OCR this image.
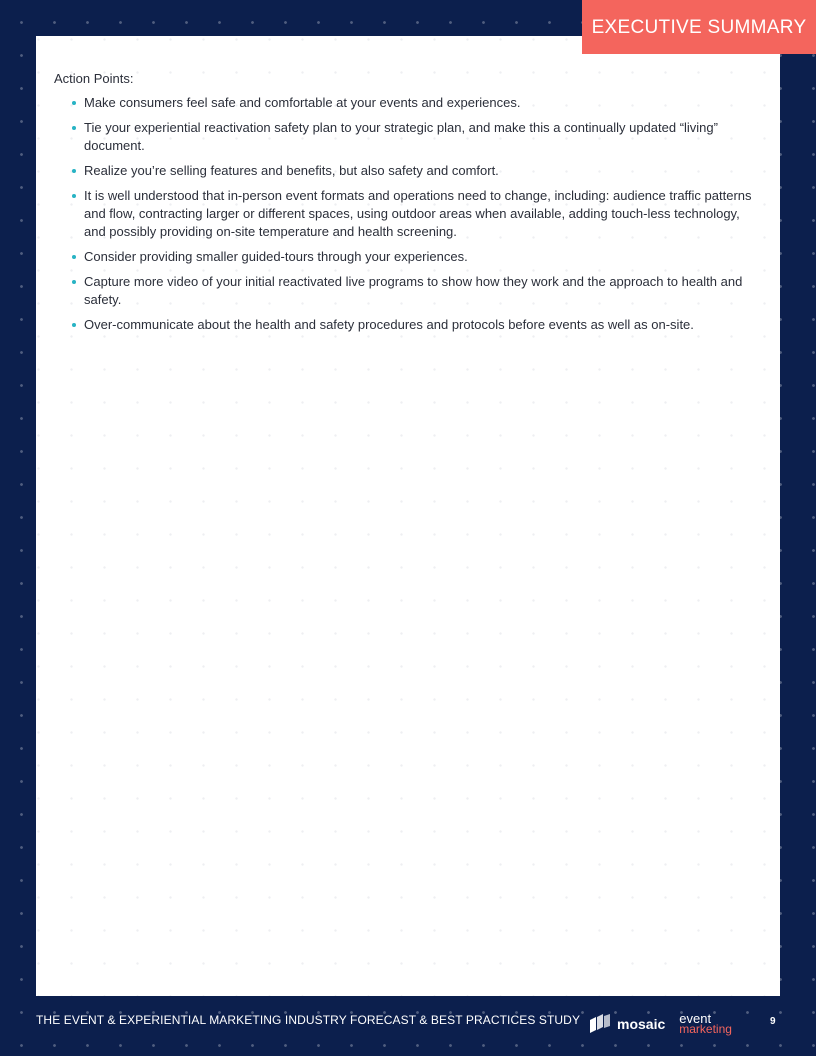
Action Points:

Make consumers feel safe and comfortable at your events and experiences.
Tie your experiential reactivation safety plan to your strategic plan, and make this a continually updated “living” document.
Realize you’re selling features and benefits, but also safety and comfort.
It is well understood that in-person event formats and operations need to change, including: audience traffic patterns and flow, contracting larger or different spaces, using outdoor areas when available, adding touch-less technology, and possibly providing on-site temperature and health screening.
Consider providing smaller guided-tours through your experiences.
Capture more video of your initial reactivated live programs to show how they work and the approach to health and safety.
Over-communicate about the health and safety procedures and protocols before events as well as on-site.
EXECUTIVE SUMMARY
THE EVENT & EXPERIENTIAL MARKETING INDUSTRY FORECAST & BEST PRACTICES STUDY	mosaic event
marketing
9
